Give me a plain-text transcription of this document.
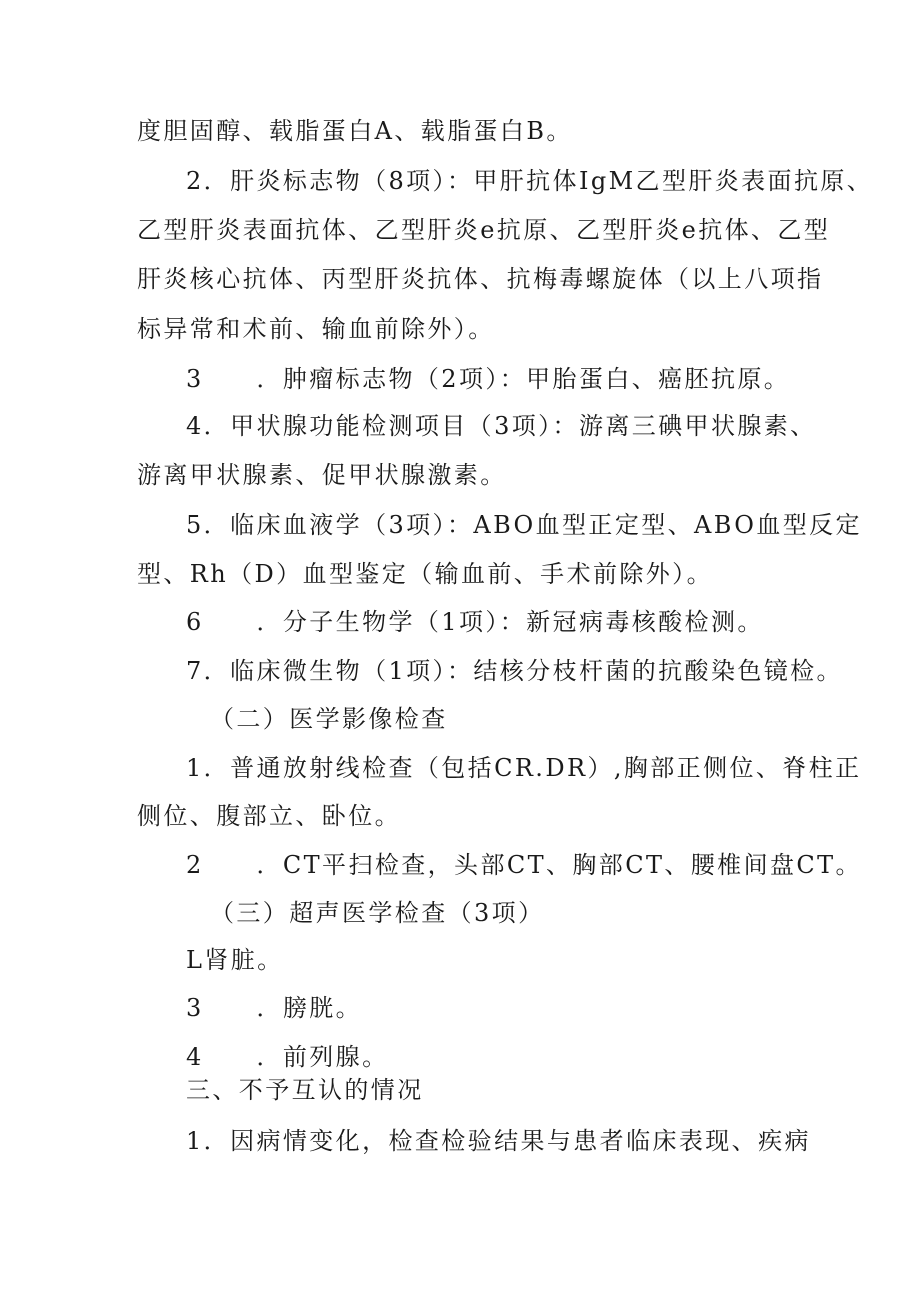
度胆固醇、载脂蛋白A、载脂蛋白B。
2．肝炎标志物（8项）：甲肝抗体IgM乙型肝炎表面抗原、
乙型肝炎表面抗体、乙型肝炎e抗原、乙型肝炎e抗体、乙型
肝炎核心抗体、丙型肝炎抗体、抗梅毒螺旋体（以上八项指
标异常和术前、输血前除外）。
3　　．肿瘤标志物（2项）：甲胎蛋白、癌胚抗原。
4．甲状腺功能检测项目（3项）：游离三碘甲状腺素、
游离甲状腺素、促甲状腺激素。
5．临床血液学（3项）：ABO血型正定型、ABO血型反定
型、Rh（D）血型鉴定（输血前、手术前除外）。
6　　．分子生物学（1项）：新冠病毒核酸检测。
7．临床微生物（1项）：结核分枝杆菌的抗酸染色镜检。
（二）医学影像检查
1．普通放射线检查（包括CR.DR）,胸部正侧位、脊柱正
侧位、腹部立、卧位。
2　　．CT平扫检查，头部CT、胸部CT、腰椎间盘CT。
（三）超声医学检查（3项）
L肾脏。
3　　．膀胱。
4　　．前列腺。
三、不予互认的情况
1．因病情变化，检查检验结果与患者临床表现、疾病
